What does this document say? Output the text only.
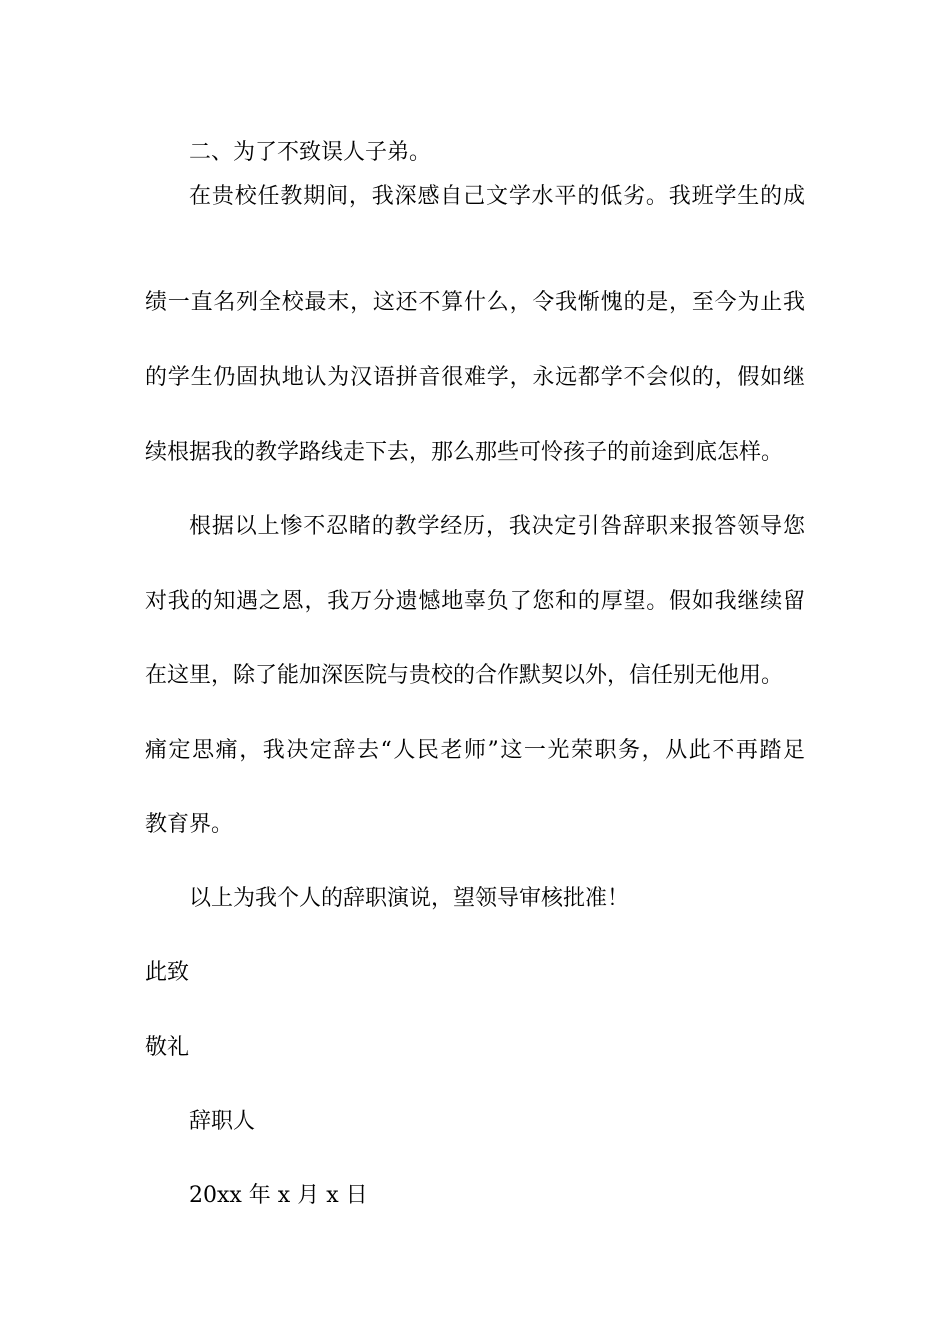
二、为了不致误人子弟。
在贵校任教期间，我深感自己文学水平的低劣。我班学生的成
绩一直名列全校最末，这还不算什么，令我惭愧的是，至今为止我
的学生仍固执地认为汉语拼音很难学，永远都学不会似的，假如继
续根据我的教学路线走下去，那么那些可怜孩子的前途到底怎样。
根据以上惨不忍睹的教学经历，我决定引咎辞职来报答领导您
对我的知遇之恩，我万分遗憾地辜负了您和的厚望。假如我继续留
在这里，除了能加深医院与贵校的合作默契以外，信任别无他用。
痛定思痛，我决定辞去“人民老师”这一光荣职务，从此不再踏足
教育界。
以上为我个人的辞职演说，望领导审核批准！
此致
敬礼
辞职人
20xx 年 x 月 x 日
